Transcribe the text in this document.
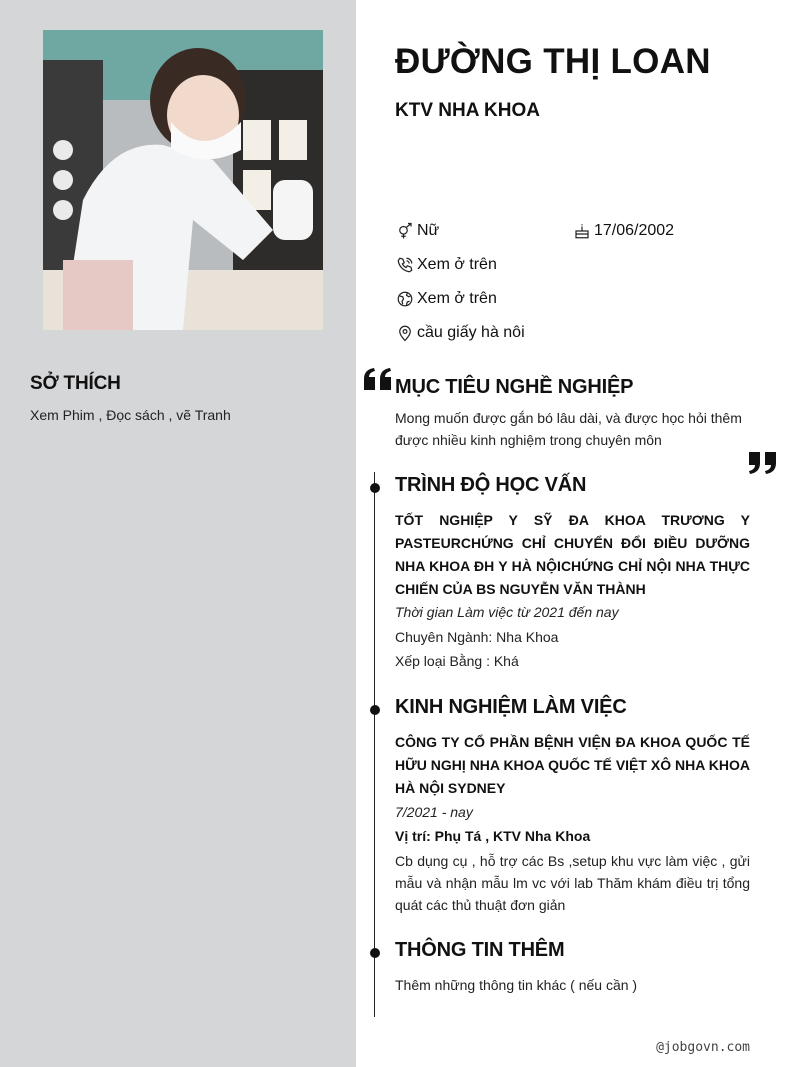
SỞ THÍCH
Xem Phim , Đọc sách , vẽ Tranh
ĐƯỜNG THỊ LOAN
KTV NHA KHOA
Nữ	17/06/2002
Xem ở trên
Xem ở trên
cầu giấy hà nôi
MỤC TIÊU NGHỀ NGHIỆP
Mong muốn được gắn bó lâu dài, và được học hỏi thêm được nhiều kinh nghiệm trong chuyên môn
TRÌNH ĐỘ HỌC VẤN
TỐT NGHIỆP Y SỸ ĐA KHOA TRƯƠNG Y PASTEURCHỨNG CHỈ CHUYỂN ĐỔI ĐIỀU DƯỠNG NHA KHOA ĐH Y HÀ NỘICHỨNG CHỈ NỘI NHA THỰC CHIẾN CỦA BS NGUYỄN VĂN THÀNH
Thời gian Làm việc từ 2021 đến nay
Chuyên Ngành: Nha Khoa
Xếp loại Bằng : Khá
KINH NGHIỆM LÀM VIỆC
CÔNG TY CỔ PHẦN BỆNH VIỆN ĐA KHOA QUỐC TẾ HỮU NGHỊ NHA KHOA QUỐC TẾ VIỆT XÔ NHA KHOA HÀ NỘI SYDNEY
7/2021 - nay
Vị trí: Phụ Tá , KTV Nha Khoa
Cb dụng cụ , hỗ trợ các Bs ,setup khu vực làm việc , gửi mẫu và nhận mẫu lm vc với lab Thăm khám điều trị tổng quát các thủ thuật đơn giản
THÔNG TIN THÊM
Thêm những thông tin khác ( nếu cần )
@jobgovn.com
